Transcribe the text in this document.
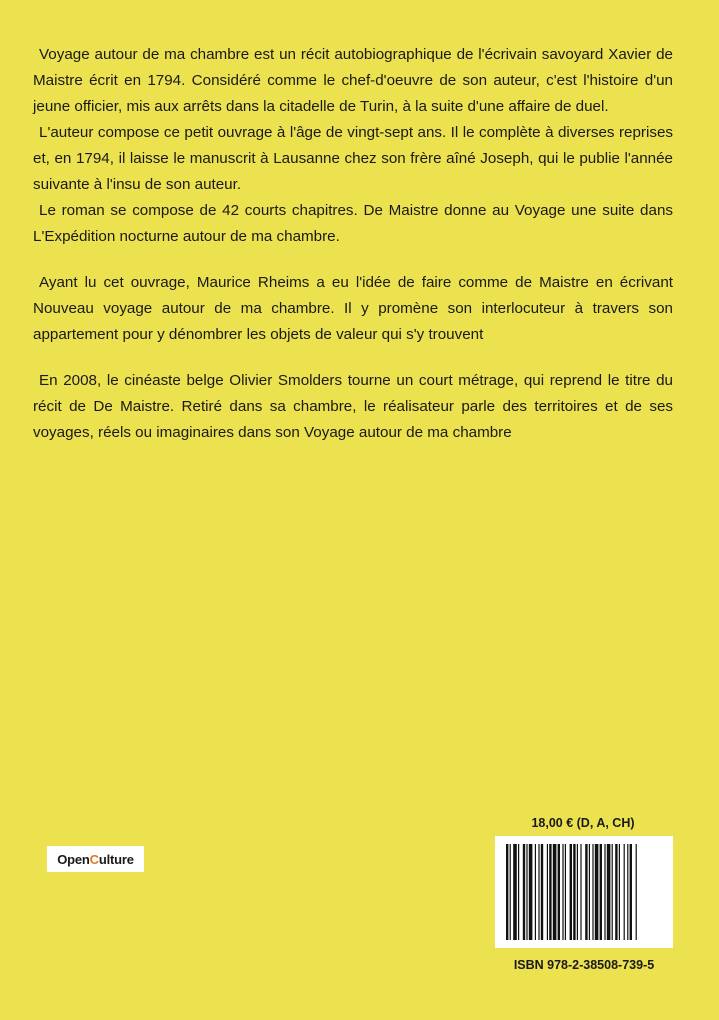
Voyage autour de ma chambre est un récit autobiographique de l'écrivain savoyard Xavier de Maistre écrit en 1794. Considéré comme le chef-d'oeuvre de son auteur, c'est l'histoire d'un jeune officier, mis aux arrêts dans la citadelle de Turin, à la suite d'une affaire de duel.

L'auteur compose ce petit ouvrage à l'âge de vingt-sept ans. Il le complète à diverses reprises et, en 1794, il laisse le manuscrit à Lausanne chez son frère aîné Joseph, qui le publie l'année suivante à l'insu de son auteur.

Le roman se compose de 42 courts chapitres. De Maistre donne au Voyage une suite dans L'Expédition nocturne autour de ma chambre.

Ayant lu cet ouvrage, Maurice Rheims a eu l'idée de faire comme de Maistre en écrivant Nouveau voyage autour de ma chambre. Il y promène son interlocuteur à travers son appartement pour y dénombrer les objets de valeur qui s'y trouvent

En 2008, le cinéaste belge Olivier Smolders tourne un court métrage, qui reprend le titre du récit de De Maistre. Retiré dans sa chambre, le réalisateur parle des territoires et de ses voyages, réels ou imaginaires dans son Voyage autour de ma chambre

Open C ulture
18,00 € (D, A, CH)
ISBN 978-2-38508-739-5
